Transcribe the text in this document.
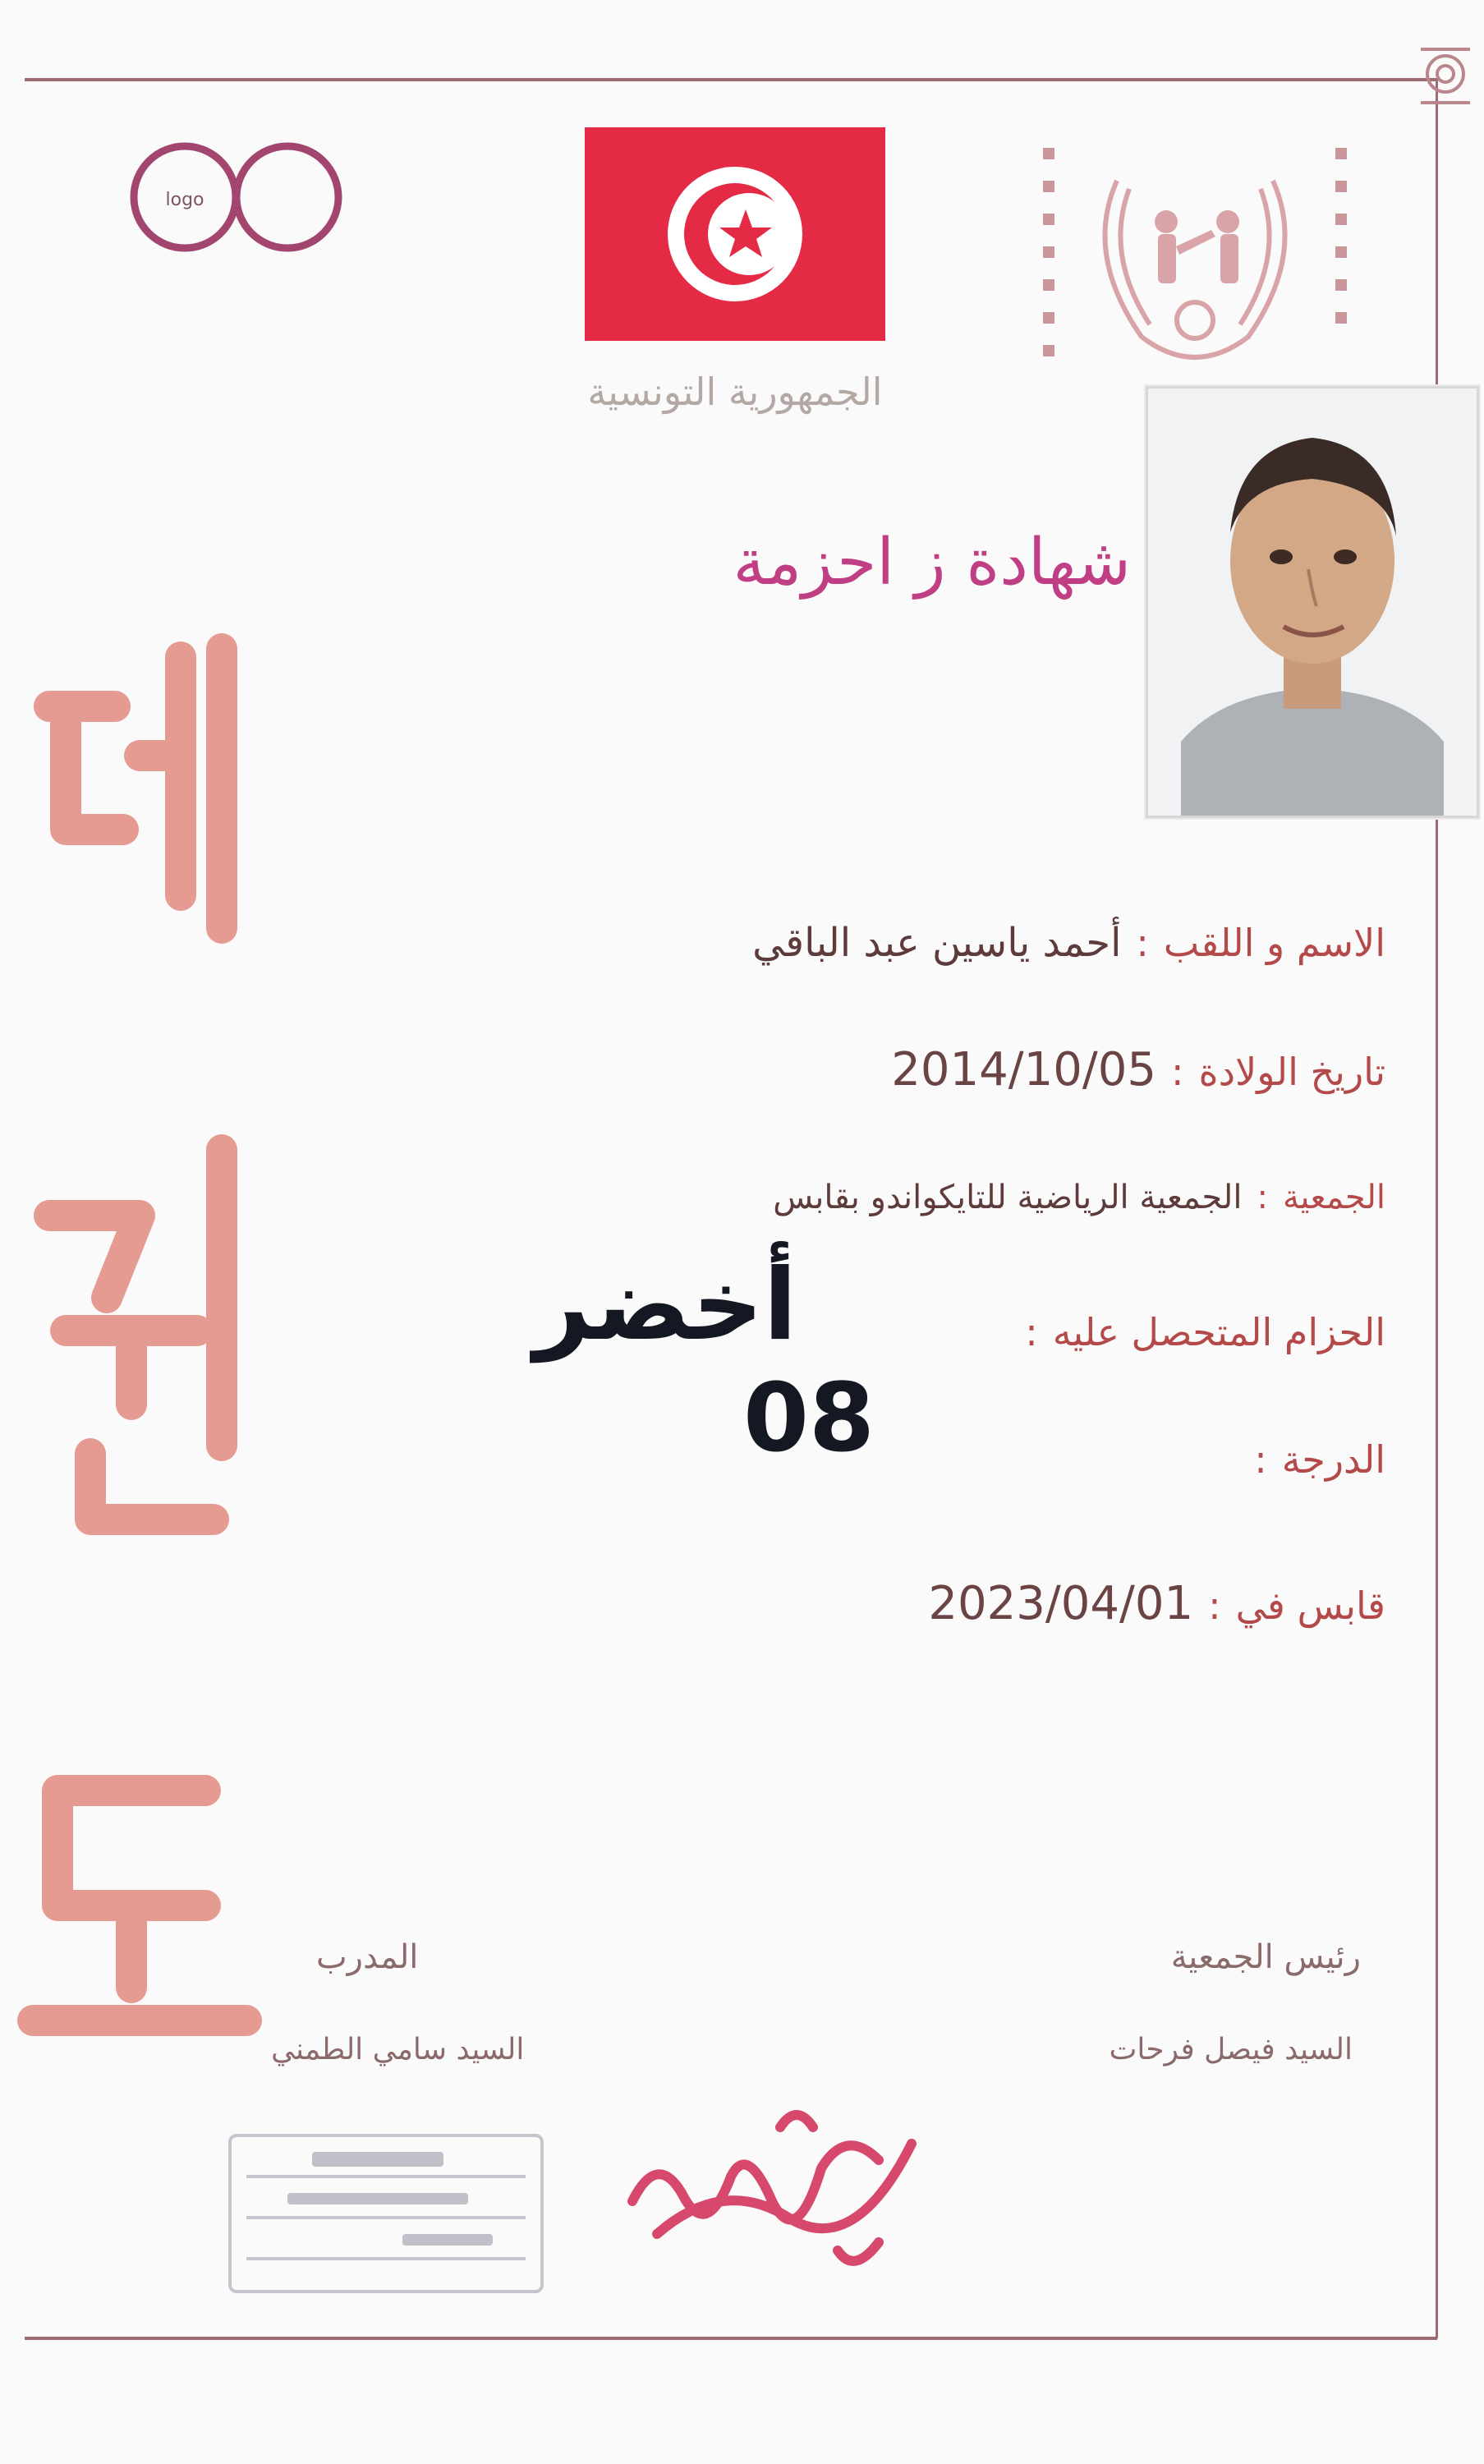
logo
الجمهورية التونسية
شهادة ز احزمة
الاسم و اللقب:أحمد ياسين عبد الباقي
تاريخ الولادة:2014/10/05
الجمعية:الجمعية الرياضية للتايكواندو بقابس
الحزام المتحصل عليه:
أخضر
الدرجة:
08
قابس في:2023/04/01
رئيس الجمعية
السيد فيصل فرحات
المدرب
السيد سامي الطمني
